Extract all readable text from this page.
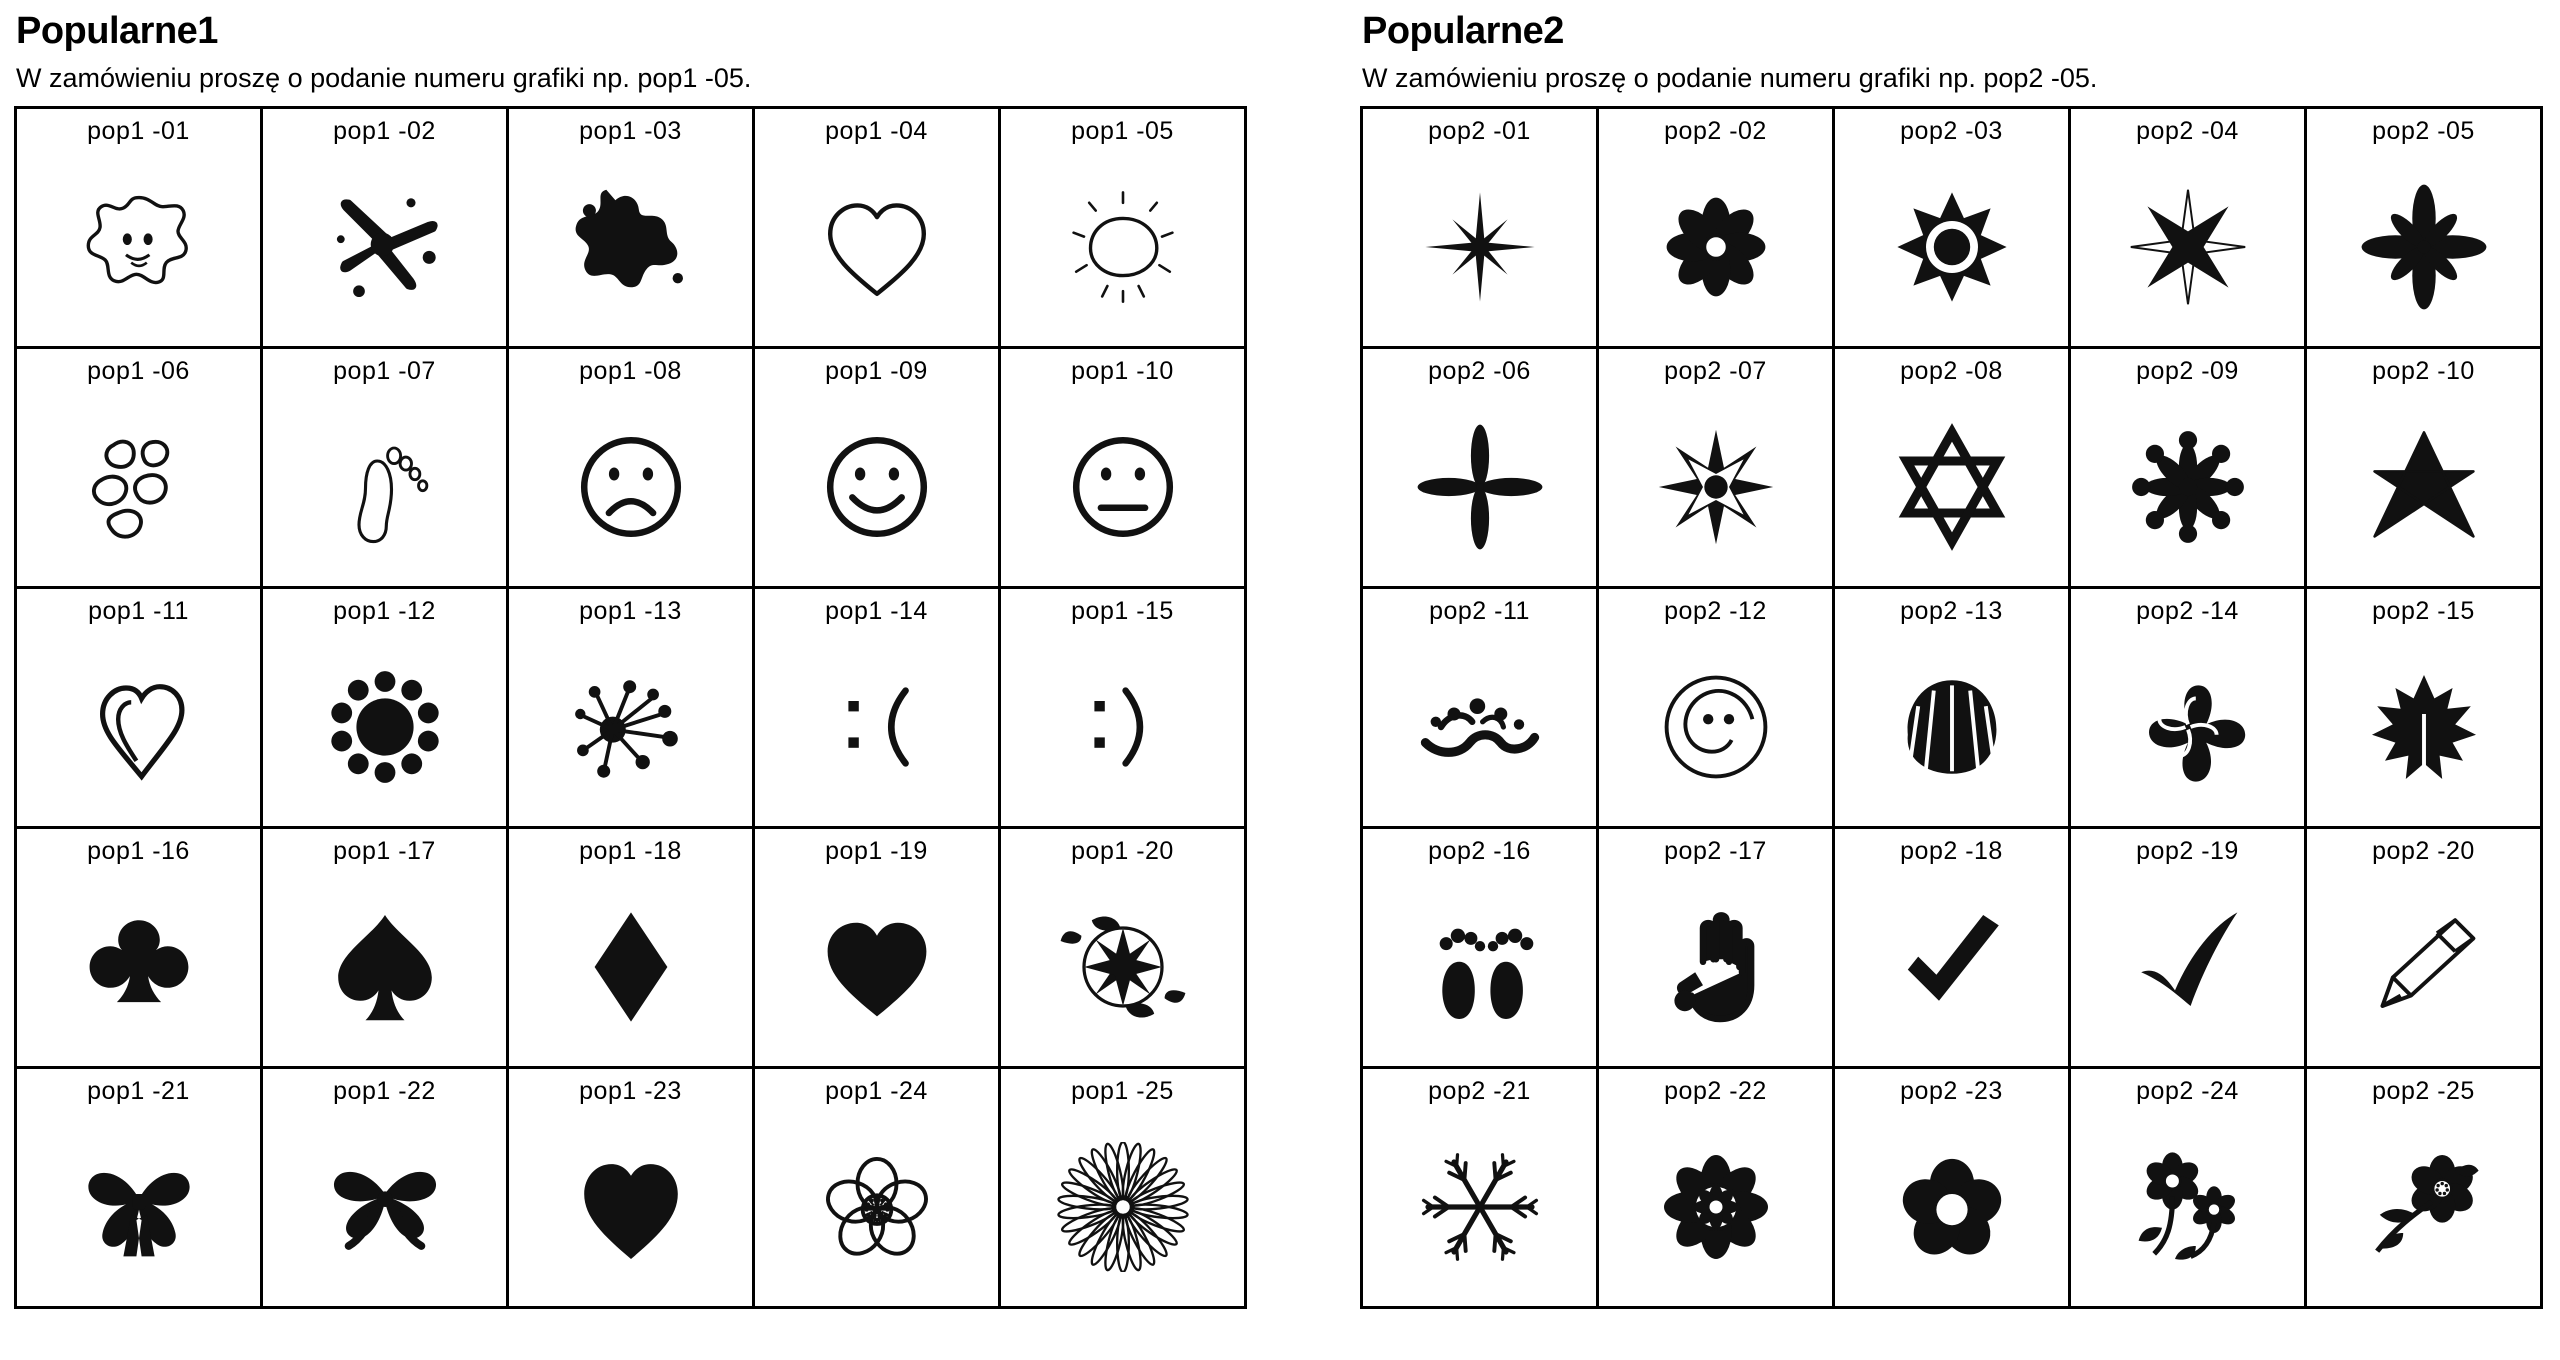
Popularne1
W zamówieniu proszę o podanie numeru grafiki np. pop1 -05.
pop1 -01	pop1 -02	pop1 -03	pop1 -04	pop1 -05
pop1 -06	pop1 -07	pop1 -08	pop1 -09	pop1 -10
pop1 -11	pop1 -12	pop1 -13	pop1 -14	pop1 -15
pop1 -16	pop1 -17	pop1 -18	pop1 -19	pop1 -20
pop1 -21	pop1 -22	pop1 -23	pop1 -24	pop1 -25
Popularne2
W zamówieniu proszę o podanie numeru grafiki np. pop2 -05.
pop2 -01	pop2 -02	pop2 -03	pop2 -04	pop2 -05
pop2 -06	pop2 -07	pop2 -08	pop2 -09	pop2 -10
pop2 -11	pop2 -12	pop2 -13	pop2 -14	pop2 -15
pop2 -16	pop2 -17	pop2 -18	pop2 -19	pop2 -20
pop2 -21	pop2 -22	pop2 -23	pop2 -24	pop2 -25
